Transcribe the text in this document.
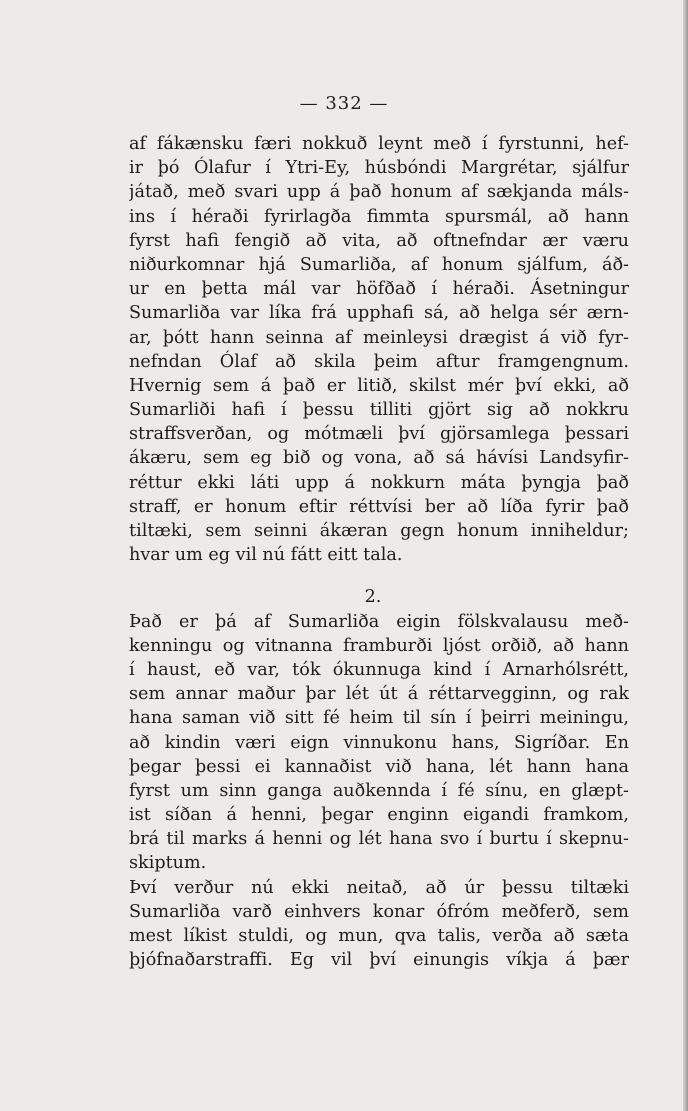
— 332 —
af fákænsku færi nokkuð leynt með í fyrstunni, hef-
ir þó Ólafur í Ytri-Ey, húsbóndi Margrétar, sjálfur
játað, með svari upp á það honum af sækjanda máls-
ins í héraði fyrirlagða fimmta spursmál, að hann
fyrst hafi fengið að vita, að oftnefndar ær væru
niðurkomnar hjá Sumarliða, af honum sjálfum, áð-
ur en þetta mál var höfðað í héraði. Ásetningur
Sumarliða var líka frá upphafi sá, að helga sér ærn-
ar, þótt hann seinna af meinleysi drægist á við fyr-
nefndan Ólaf að skila þeim aftur framgengnum.
Hvernig sem á það er litið, skilst mér því ekki, að
Sumarliði hafi í þessu tilliti gjört sig að nokkru
straffsverðan, og mótmæli því gjörsamlega þessari
ákæru, sem eg bið og vona, að sá hávísi Landsyfir-
réttur ekki láti upp á nokkurn máta þyngja það
straff, er honum eftir réttvísi ber að líða fyrir það
tiltæki, sem seinni ákæran gegn honum inniheldur;
hvar um eg vil nú fátt eitt tala.
2.
Það er þá af Sumarliða eigin fölskvalausu með-
kenningu og vitnanna framburði ljóst orðið, að hann
í haust, eð var, tók ókunnuga kind í Arnarhólsrétt,
sem annar maður þar lét út á réttarvegginn, og rak
hana saman við sitt fé heim til sín í þeirri meiningu,
að kindin væri eign vinnukonu hans, Sigríðar. En
þegar þessi ei kannaðist við hana, lét hann hana
fyrst um sinn ganga auðkennda í fé sínu, en glæpt-
ist síðan á henni, þegar enginn eigandi framkom,
brá til marks á henni og lét hana svo í burtu í skepnu-
skiptum.
Því verður nú ekki neitað, að úr þessu tiltæki
Sumarliða varð einhvers konar ófróm meðferð, sem
mest líkist stuldi, og mun, qva talis, verða að sæta
þjófnaðarstraffi. Eg vil því einungis víkja á þær
